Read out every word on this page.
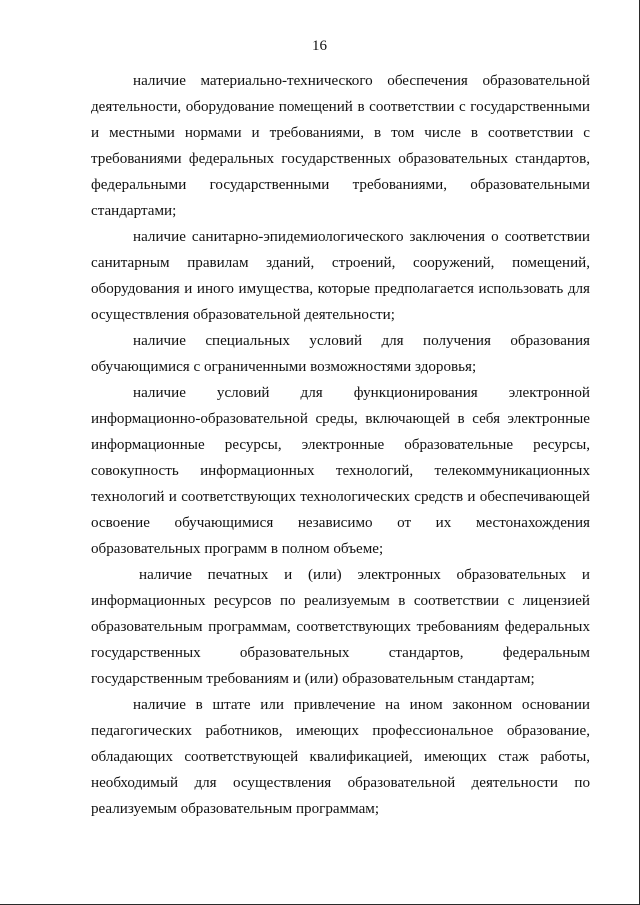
16

наличие материально-технического обеспечения образовательной деятельности, оборудование помещений в соответствии с государственными и местными нормами и требованиями, в том числе в соответствии с требованиями федеральных государственных образовательных стандартов, федеральными государственными требованиями, образовательными стандартами;

наличие санитарно-эпидемиологического заключения о соответствии санитарным правилам зданий, строений, сооружений, помещений, оборудования и иного имущества, которые предполагается использовать для осуществления образовательной деятельности;

наличие специальных условий для получения образования обучающимися с ограниченными возможностями здоровья;

наличие условий для функционирования электронной информационно-образовательной среды, включающей в себя электронные информационные ресурсы, электронные образовательные ресурсы, совокупность информационных технологий, телекоммуникационных технологий и соответствующих технологических средств и обеспечивающей освоение обучающимися независимо от их местонахождения образовательных программ в полном объеме;

наличие печатных и (или) электронных образовательных и информационных ресурсов по реализуемым в соответствии с лицензией образовательным программам, соответствующих требованиям федеральных государственных образовательных стандартов, федеральным государственным требованиям и (или) образовательным стандартам;

наличие в штате или привлечение на ином законном основании педагогических работников, имеющих профессиональное образование, обладающих соответствующей квалификацией, имеющих стаж работы, необходимый для осуществления образовательной деятельности по реализуемым образовательным программам;
